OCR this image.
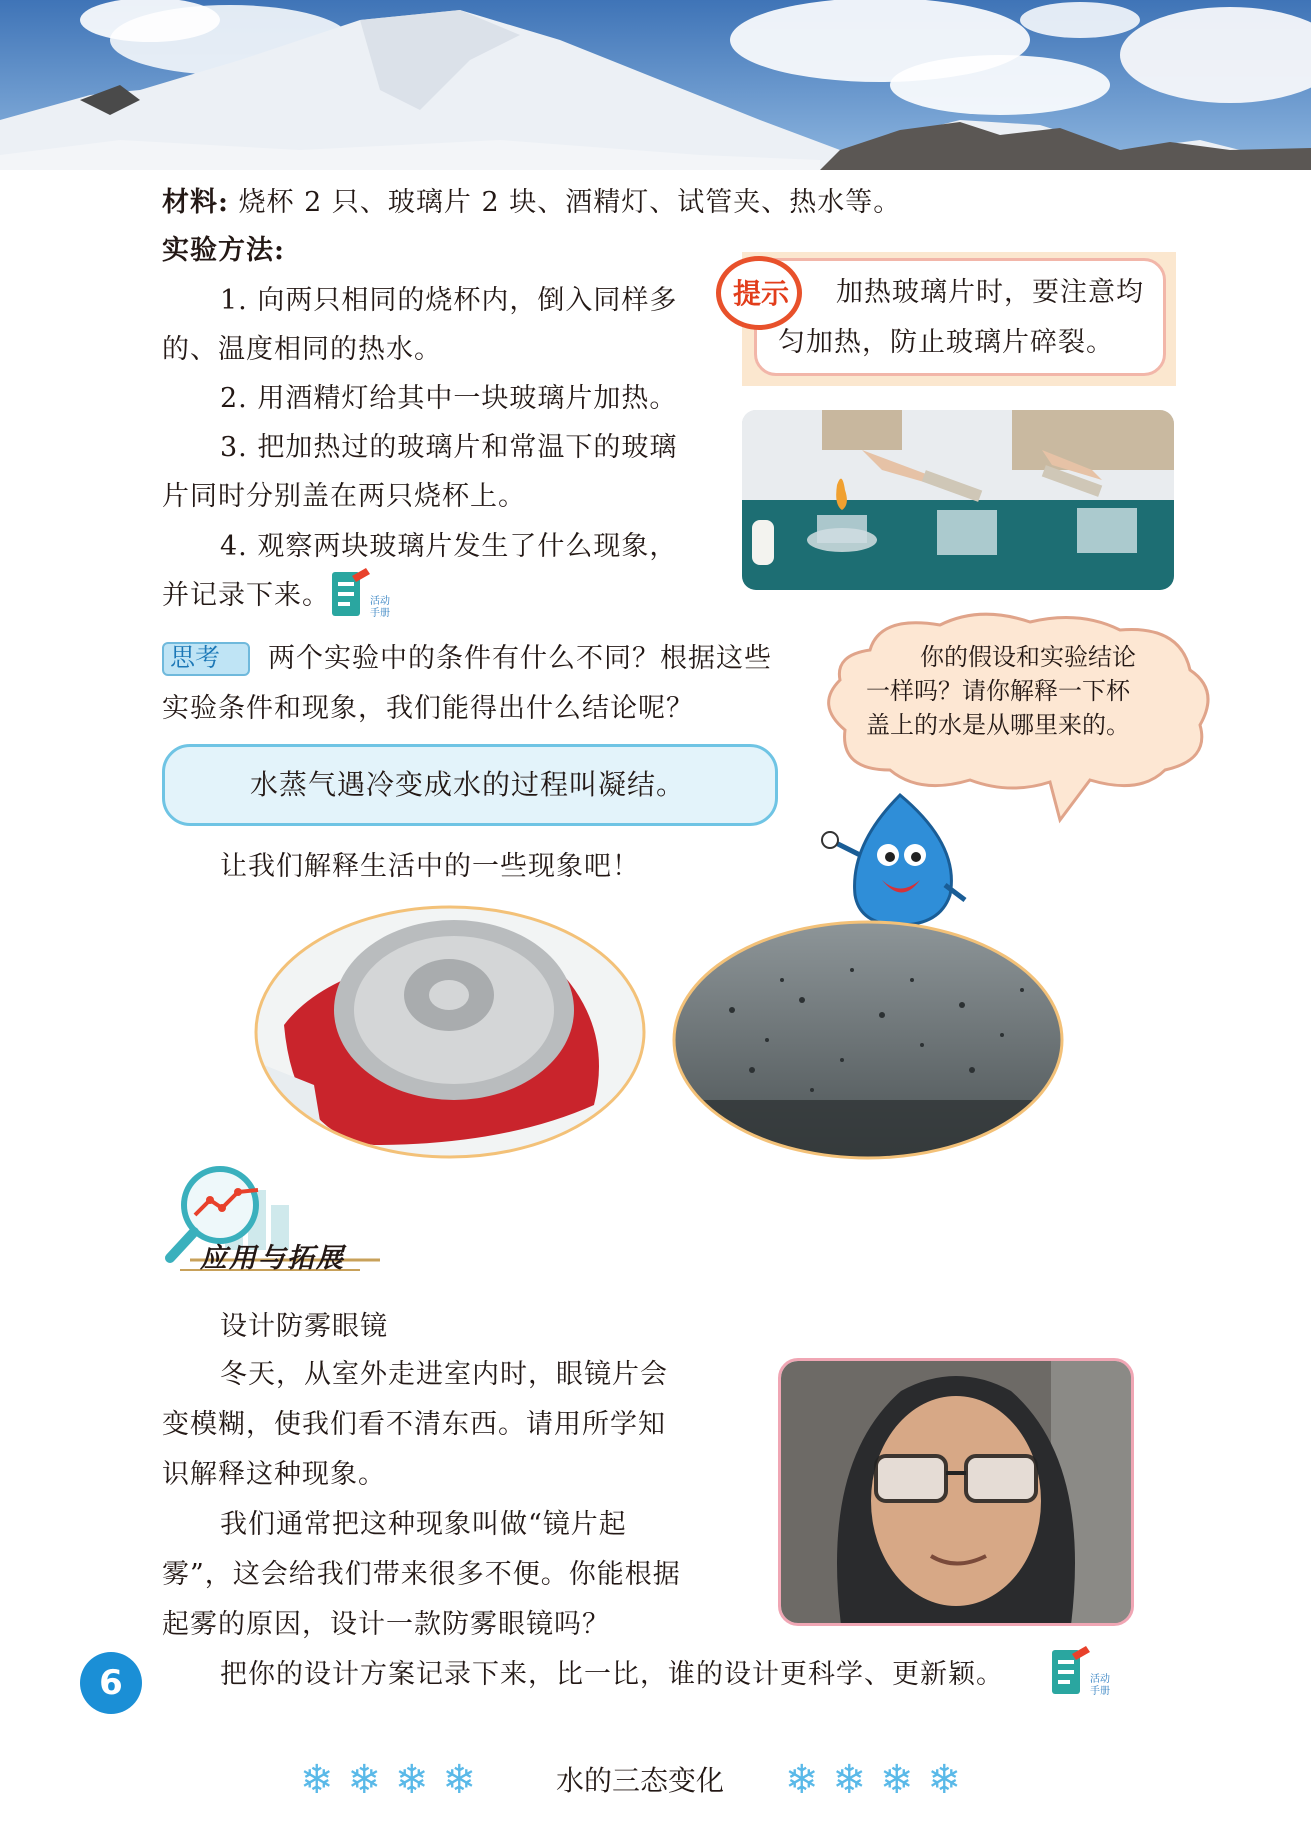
材料: 烧杯 2 只、玻璃片 2 块、酒精灯、试管夹、热水等。
实验方法:
1. 向两只相同的烧杯内，倒入同样多
的、温度相同的热水。
2. 用酒精灯给其中一块玻璃片加热。
3. 把加热过的玻璃片和常温下的玻璃
片同时分别盖在两只烧杯上。
4. 观察两块玻璃片发生了什么现象，
并记录下来。	活动
手册
提示 加热玻璃片时，要注意均
匀加热，防止玻璃片碎裂。
思考 两个实验中的条件有什么不同？根据这些
实验条件和现象，我们能得出什么结论呢？
你的假设和实验结论
一样吗？请你解释一下杯
盖上的水是从哪里来的。
水蒸气遇冷变成水的过程叫凝结。
让我们解释生活中的一些现象吧！
应用与拓展
设计防雾眼镜
冬天，从室外走进室内时，眼镜片会
变模糊，使我们看不清东西。请用所学知
识解释这种现象。
我们通常把这种现象叫做“镜片起
雾”，这会给我们带来很多不便。你能根据
起雾的原因，设计一款防雾眼镜吗？
把你的设计方案记录下来，比一比，谁的设计更科学、更新颖。	活动
手册
6
❄❄❄❄	水的三态变化 ❄❄❄❄
